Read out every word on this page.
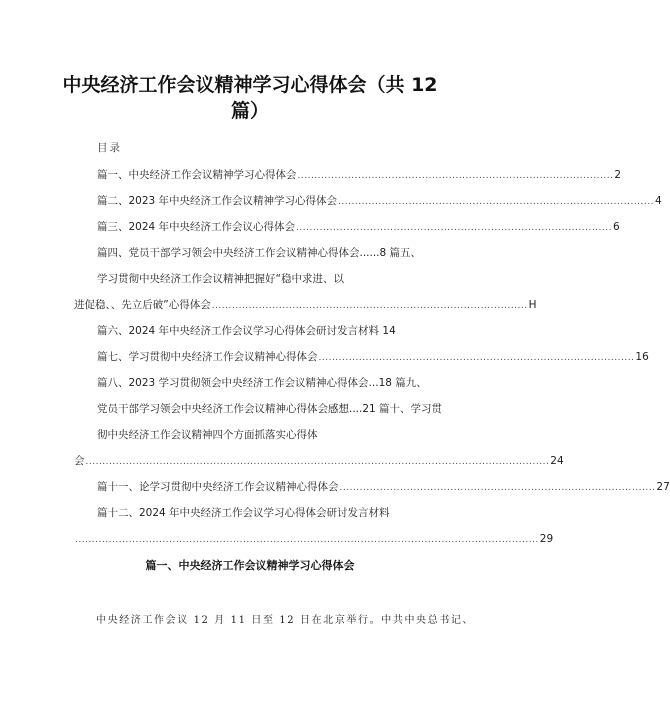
中央经济工作会议精神学习心得体会（共 12
篇）
目录
篇一、中央经济工作会议精神学习心得体会 .............................................................................................. 2
篇二、2023 年中央经济工作会议精神学习心得体会 .............................................................................................. 4
篇三、2024 年中央经济工作会议心得体会 .............................................................................................. 6
篇四、党员干部学习领会中央经济工作会议精神心得体会......8 篇五、
学习贯彻中央经济工作会议精神把握好“稳中求进、以
进促稳、、先立后破”心得体会 .............................................................................................. H
篇六、2024 年中央经济工作会议学习心得体会研讨发言材料 14
篇七、学习贯彻中央经济工作会议精神心得体会 .............................................................................................. 16
篇八、2023 学习贯彻领会中央经济工作会议精神心得体会...18 篇九、
党员干部学习领会中央经济工作会议精神心得体会感想....21 篇十、学习贯
彻中央经济工作会议精神四个方面抓落实心得体
会 .......................................................................................................................................... 24
篇十一、论学习贯彻中央经济工作会议精神心得体会 .............................................................................................. 27
篇十二、2024 年中央经济工作会议学习心得体会研讨发言材料
.......................................................................................................................................... 29
篇一、中央经济工作会议精神学习心得体会
中央经济工作会议 12 月 11 日至 12 日在北京举行。中共中央总书记、
